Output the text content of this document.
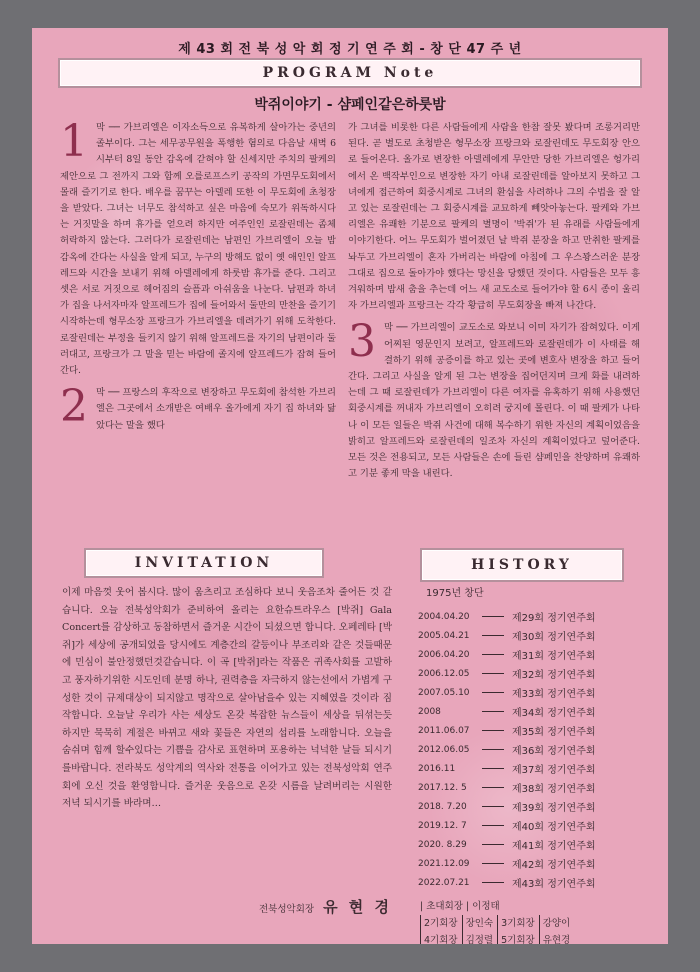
제 43 회 전 북 성 악 회 정 기 연 주 회 - 창 단 47 주 년
PROGRAM Note
박쥐이야기 - 샴페인같은하룻밤
1 막 ── 가브리엘은 이자소득으로 유복하게 살아가는 중년의 졸부이다. 그는 세무공무원을 폭행한 혐의로 다음날 새벽 6시부터 8일 동안 감옥에 갇혀야 할 신세지만 주치의 팔케의 제안으로 그 전까지 그와 함께 오를로프스키 공작의 가면무도회에서 몰래 즐기기로 한다. 배우를 꿈꾸는 아델레 또한 이 무도회에 초청장을 받았다. 그녀는 너무도 참석하고 싶은 마음에 숙모가 위독하시다는 거짓말을 하며 휴가를 얻으려 하지만 여주인인 로잘린데는 좀체 허락하지 않는다. 그러다가 로잘린데는 남편인 가브리엘이 오늘 밤 감옥에 간다는 사실을 알게 되고, 누구의 방해도 없이 옛 애인인 알프레드와 시간을 보내기 위해 아델레에게 하룻밤 휴가를 준다. 그리고 셋은 서로 거짓으로 헤어짐의 슬픔과 아쉬움을 나눈다. 남편과 하녀가 집을 나서자마자 알프레드가 집에 들어와서 둘만의 만찬을 즐기기 시작하는데 형무소장 프랑크가 가브리엘을 데려가기 위해 도착한다. 로잘린데는 부정을 들키지 않기 위해 알프레드를 자기의 남편이라 둘러대고, 프랑크가 그 말을 믿는 바람에 졸지에 알프레드가 잡혀 들어간다.
2 막 ── 프랑스의 후작으로 변장하고 무도회에 참석한 가브리엘은 그곳에서 소개받은 여배우 올가에게 자기 집 하녀와 닮았다는 말을 했다
가 그녀를 비롯한 다른 사람들에게 사람을 한참 잘못 봤다며 조롱거리만 된다. 곧 별도로 초청받은 형무소장 프랑크와 로잘린데도 무도회장 안으로 들어온다. 올가로 변장한 아델레에게 무안만 당한 가브리엘은 헝가리에서 온 백작부인으로 변장한 자기 아내 로잘린데를 알아보지 못하고 그녀에게 접근하여 회중시계로 그녀의 환심을 사려하나 그의 수법을 잘 알고 있는 로잘린데는 그 회중시계를 교묘하게 빼앗아놓는다. 팔케와 가브리엘은 유쾌한 기분으로 팔케의 별명이 '박쥐'가 된 유래를 사람들에게 이야기한다. 어느 무도회가 벌어졌던 날 박쥐 분장을 하고 만취한 팔케를 놔두고 가브리엘이 혼자 가버리는 바람에 아침에 그 우스꽝스러운 분장 그대로 집으로 돌아가야 했다는 망신을 당했던 것이다. 사람들은 모두 흥겨워하며 밤새 춤을 추는데 어느 새 교도소로 들어가야 할 6시 종이 울리자 가브리엘과 프랑크는 각각 황급히 무도회장을 빠져 나간다.
3 막 ── 가브리엘이 교도소로 와보니 이미 자기가 잡혀있다. 이게 어찌된 영문인지 보려고, 알프레드와 로잘린데가 이 사태를 해결하기 위해 공증이를 하고 있는 곳에 변호사 변장을 하고 들어간다. 그리고 사실을 알게 된 그는 변장을 집어던지며 크게 화를 내려하는데 그 때 로잘린데가 가브리엘이 다른 여자를 유혹하기 위해 사용했던 회중시계를 꺼내자 가브리엘이 오히려 궁지에 몰린다. 이 때 팔케가 나타나 이 모든 일들은 박쥐 사건에 대해 복수하기 위한 자신의 계획이었음을 밝히고 알프레드와 로잘린데의 일조차 자신의 계획이었다고 덮어준다. 모든 것은 전용되고, 모든 사람들은 손에 들린 샴페인을 찬양하며 유쾌하고 기분 좋게 막을 내린다.
INVITATION
이제 마음껏 웃어 봅시다. 많이 움츠리고 조심하다 보니 웃음조차 줄어든 것 같습니다. 오늘 전북성악회가 준비하여 올리는 요한슈트라우스 [박쥐] Gala Concert를 감상하고 동참하면서 즐거운 시간이 되셨으면 합니다. 오페레타 [박쥐]가 세상에 공개되었을 당시에도 계층간의 갈등이나 부조리와 같은 것들때문에 민심이 불안정했던것같습니다. 이 곡 [박쥐]라는 작품은 귀족사회를 고발하고 풍자하기위한 시도인데 분명 하나, 권력층을 자극하지 않는선에서 가볍게 구성한 것이 규제대상이 되지않고 명작으로 살아남을수 있는 지혜였을 것이라 짐작합니다. 오늘날 우리가 사는 세상도 온갖 복잡한 뉴스들이 세상을 뒤섞는듯 하지만 묵묵히 계절은 바뀌고 새와 꽃들은 자연의 섭리를 노래합니다. 오늘을 숨쉬며 힘께 할수있다는 기쁨을 감사로 표현하며 포용하는 넉넉한 날들 되시기를바랍니다. 전라북도 성악계의 역사와 전통을 이어가고 있는 전북성악회 연주회에 오신 것을 환영합니다. 즐거운 웃음으로 온갖 시름을 날려버리는 시원한 저녁 되시기를 바라며…
전북성악회장 유 현 경
HISTORY
1975년 창단
2004.04.20	제29회 정기연주회
2005.04.21	제30회 정기연주회
2006.04.20	제31회 정기연주회
2006.12.05	제32회 정기연주회
2007.05.10	제33회 정기연주회
2008	제34회 정기연주회
2011.06.07	제35회 정기연주회
2012.06.05	제36회 정기연주회
2016.11	제37회 정기연주회
2017.12. 5	제38회 정기연주회
2018. 7.20	제39회 정기연주회
2019.12. 7	제40회 정기연주회
2020. 8.29	제41회 정기연주회
2021.12.09	제42회 정기연주회
2022.07.21	제43회 정기연주회
| 초대회장 | 이정태
2기회장 장인숙 3기회장 강양이
4기회장 김정렬 5기회장 유현경
